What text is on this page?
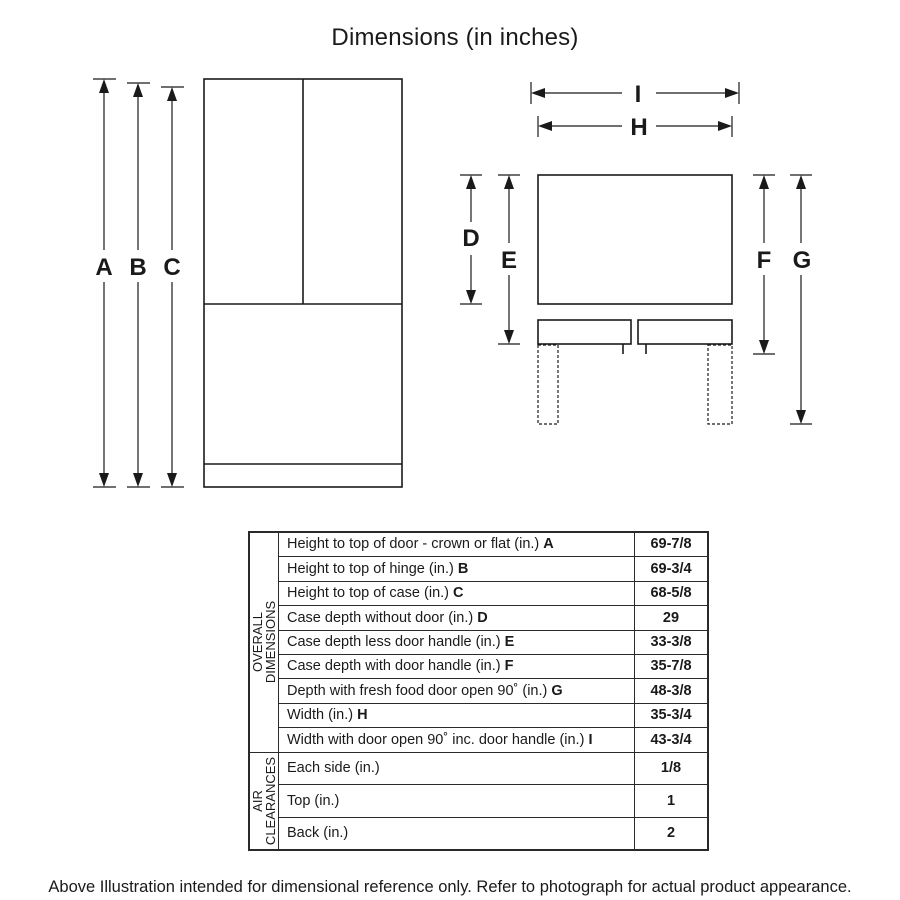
Dimensions (in inches)
A B C
I
H
D
E	F G
OVERALL
DIMENSIONS	Height to top of door - crown or flat (in.) A	69-7/8
	Height to top of hinge (in.) B	69-3/4
	Height to top of case (in.) C	68-5/8
	Case depth without door (in.) D	29
	Case depth less door handle (in.) E	33-3/8
	Case depth with door handle (in.) F	35-7/8
	Depth with fresh food door open 90˚ (in.) G	48-3/8
	Width (in.) H	35-3/4
	Width with door open 90˚ inc. door handle (in.) I	43-3/4

AIR
CLEARANCES	Each side (in.)	1/8
	Top (in.)	1
	Back (in.)	2
Above Illustration intended for dimensional reference only. Refer to photograph for actual product appearance.
